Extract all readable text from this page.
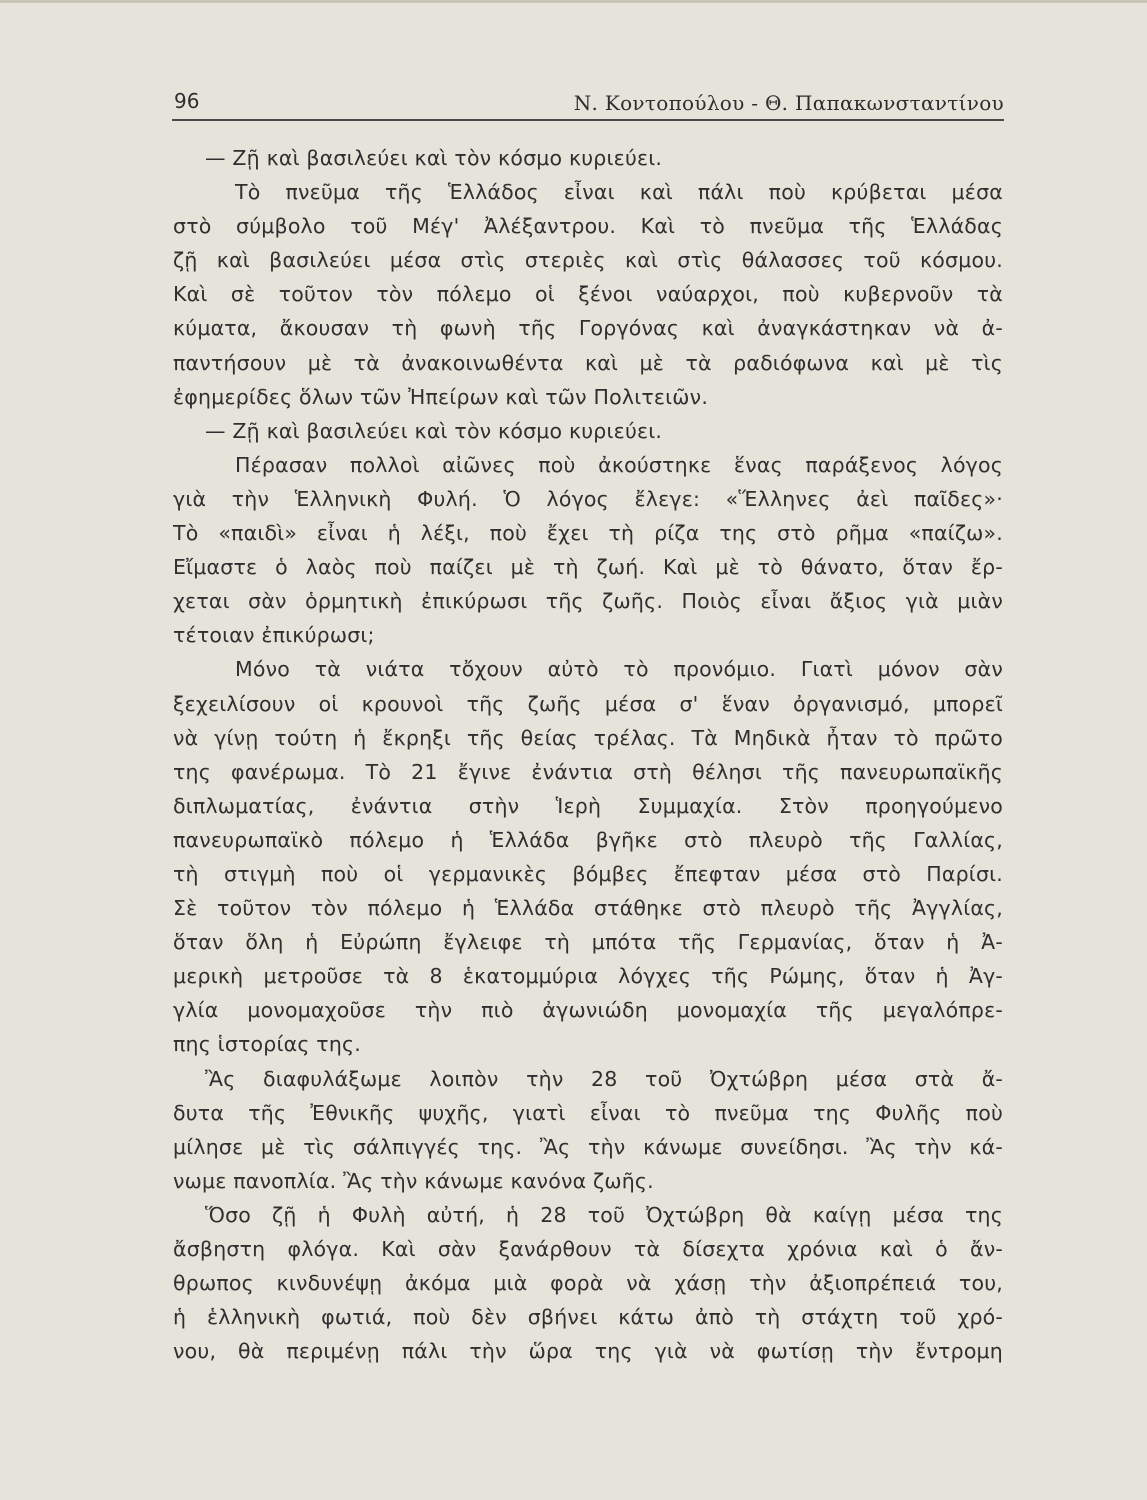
96	Ν. Κοντοπούλου - Θ. Παπακωνσταντίνου
— Ζῇ καὶ βασιλεύει καὶ τὸν κόσμο κυριεύει.
Τὸ πνεῦμα τῆς Ἑλλάδος εἶναι καὶ πάλι ποὺ κρύβεται μέσα
στὸ σύμβολο τοῦ Μέγ' Ἀλέξαντρου. Καὶ τὸ πνεῦμα τῆς Ἑλλάδας
ζῇ καὶ βασιλεύει μέσα στὶς στεριὲς καὶ στὶς θάλασσες τοῦ κόσμου.
Καὶ σὲ τοῦτον τὸν πόλεμο οἱ ξένοι ναύαρχοι, ποὺ κυβερνοῦν τὰ
κύματα, ἄκουσαν τὴ φωνὴ τῆς Γοργόνας καὶ ἀναγκάστηκαν νὰ ἀ-
παντήσουν μὲ τὰ ἀνακοινωθέντα καὶ μὲ τὰ ραδιόφωνα καὶ μὲ τὶς
ἐφημερίδες ὅλων τῶν Ἠπείρων καὶ τῶν Πολιτειῶν.
— Ζῇ καὶ βασιλεύει καὶ τὸν κόσμο κυριεύει.
Πέρασαν πολλοὶ αἰῶνες ποὺ ἀκούστηκε ἕνας παράξενος λόγος
γιὰ τὴν Ἑλληνικὴ Φυλή. Ὁ λόγος ἔλεγε: «Ἕλληνες ἀεὶ παῖδες»·
Τὸ «παιδὶ» εἶναι ἡ λέξι, ποὺ ἔχει τὴ ρίζα της στὸ ρῆμα «παίζω».
Εἴμαστε ὁ λαὸς ποὺ παίζει μὲ τὴ ζωή. Καὶ μὲ τὸ θάνατο, ὅταν ἔρ-
χεται σὰν ὁρμητικὴ ἐπικύρωσι τῆς ζωῆς. Ποιὸς εἶναι ἄξιος γιὰ μιὰν
τέτοιαν ἐπικύρωσι;
Μόνο τὰ νιάτα τὄχουν αὐτὸ τὸ προνόμιο. Γιατὶ μόνον σὰν
ξεχειλίσουν οἱ κρουνοὶ τῆς ζωῆς μέσα σ' ἕναν ὀργανισμό, μπορεῖ
νὰ γίνῃ τούτη ἡ ἔκρηξι τῆς θείας τρέλας. Τὰ Μηδικὰ ἦταν τὸ πρῶτο
της φανέρωμα. Τὸ 21 ἔγινε ἐνάντια στὴ θέλησι τῆς πανευρωπαϊκῆς
διπλωματίας, ἐνάντια στὴν Ἱερὴ Συμμαχία. Στὸν προηγούμενο
πανευρωπαϊκὸ πόλεμο ἡ Ἑλλάδα βγῆκε στὸ πλευρὸ τῆς Γαλλίας,
τὴ στιγμὴ ποὺ οἱ γερμανικὲς βόμβες ἔπεφταν μέσα στὸ Παρίσι.
Σὲ τοῦτον τὸν πόλεμο ἡ Ἑλλάδα στάθηκε στὸ πλευρὸ τῆς Ἀγγλίας,
ὅταν ὅλη ἡ Εὐρώπη ἔγλειφε τὴ μπότα τῆς Γερμανίας, ὅταν ἡ Ἀ-
μερικὴ μετροῦσε τὰ 8 ἑκατομμύρια λόγχες τῆς Ρώμης, ὅταν ἡ Ἀγ-
γλία μονομαχοῦσε τὴν πιὸ ἀγωνιώδη μονομαχία τῆς μεγαλόπρε-
πης ἱστορίας της.
Ἂς διαφυλάξωμε λοιπὸν τὴν 28 τοῦ Ὀχτώβρη μέσα στὰ ἄ-
δυτα τῆς Ἐθνικῆς ψυχῆς, γιατὶ εἶναι τὸ πνεῦμα της Φυλῆς ποὺ
μίλησε μὲ τὶς σάλπιγγές της. Ἂς τὴν κάνωμε συνείδησι. Ἂς τὴν κά-
νωμε πανοπλία. Ἂς τὴν κάνωμε κανόνα ζωῆς.
Ὅσο ζῇ ἡ Φυλὴ αὐτή, ἡ 28 τοῦ Ὀχτώβρη θὰ καίγῃ μέσα της
ἄσβηστη φλόγα. Καὶ σὰν ξανάρθουν τὰ δίσεχτα χρόνια καὶ ὁ ἄν-
θρωπος κινδυνέψῃ ἀκόμα μιὰ φορὰ νὰ χάσῃ τὴν ἀξιοπρέπειά του,
ἡ ἑλληνικὴ φωτιά, ποὺ δὲν σβήνει κάτω ἀπὸ τὴ στάχτη τοῦ χρό-
νου, θὰ περιμένῃ πάλι τὴν ὥρα της γιὰ νὰ φωτίσῃ τὴν ἔντρομη
